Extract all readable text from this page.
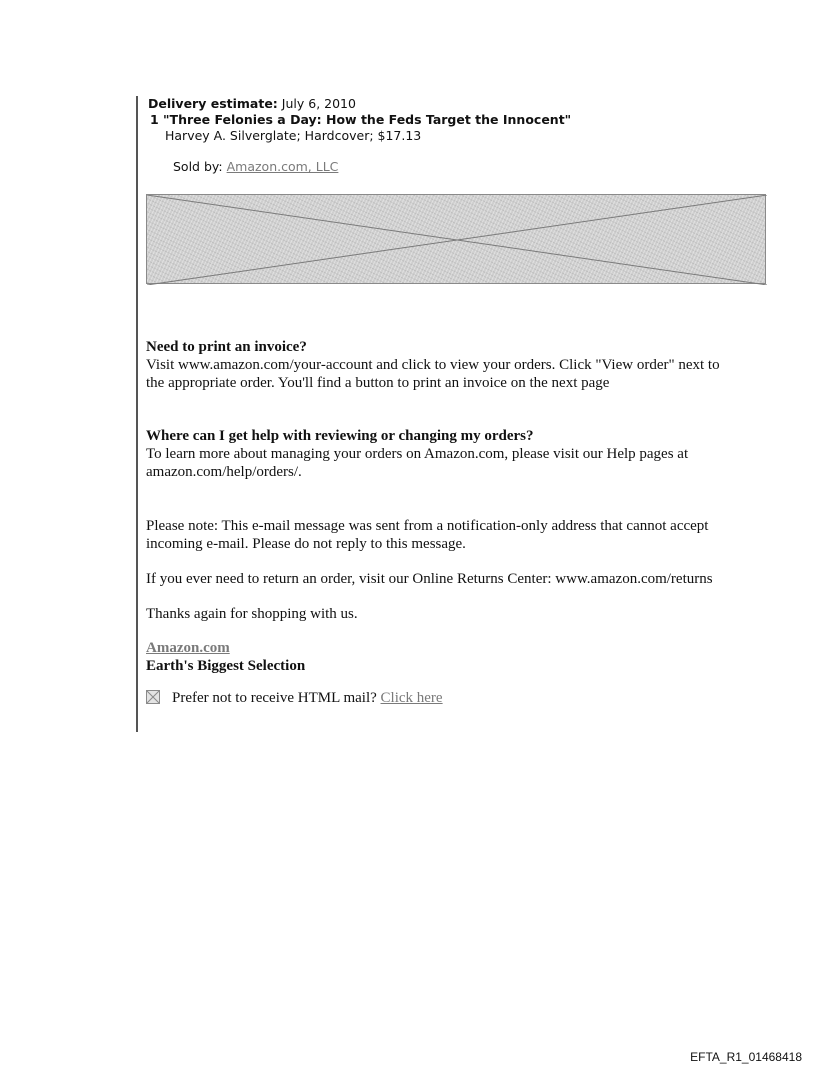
Delivery estimate: July 6, 2010
1 "Three Felonies a Day: How the Feds Target the Innocent"
Harvey A. Silverglate; Hardcover; $17.13
Sold by: Amazon.com, LLC
Need to print an invoice?
Visit www.amazon.com/your-account and click to view your orders. Click "View order" next to
the appropriate order. You'll find a button to print an invoice on the next page
Where can I get help with reviewing or changing my orders?
To learn more about managing your orders on Amazon.com, please visit our Help pages at
amazon.com/help/orders/.
Please note: This e-mail message was sent from a notification-only address that cannot accept
incoming e-mail. Please do not reply to this message.
If you ever need to return an order, visit our Online Returns Center: www.amazon.com/returns
Thanks again for shopping with us.
Amazon.com
Earth's Biggest Selection
Prefer not to receive HTML mail? Click here
EFTA_R1_01468418
